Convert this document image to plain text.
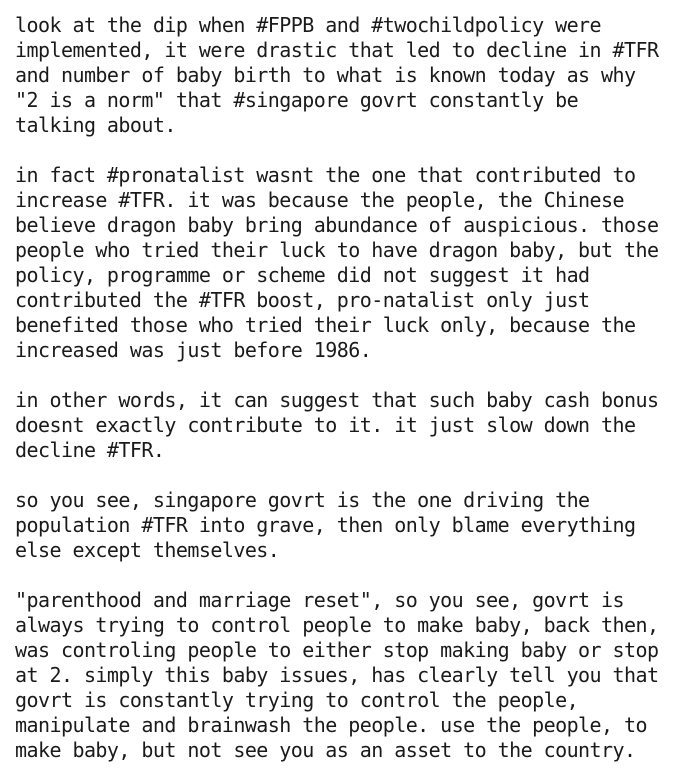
look at the dip when #FPPB and #twochildpolicy were
implemented, it were drastic that led to decline in #TFR
and number of baby birth to what is known today as why
"2 is a norm" that #singapore govrt constantly be
talking about.

in fact #pronatalist wasnt the one that contributed to
increase #TFR. it was because the people, the Chinese
believe dragon baby bring abundance of auspicious. those
people who tried their luck to have dragon baby, but the
policy, programme or scheme did not suggest it had
contributed the #TFR boost, pro-natalist only just
benefited those who tried their luck only, because the
increased was just before 1986.

in other words, it can suggest that such baby cash bonus
doesnt exactly contribute to it. it just slow down the
decline #TFR.

so you see, singapore govrt is the one driving the
population #TFR into grave, then only blame everything
else except themselves.

"parenthood and marriage reset", so you see, govrt is
always trying to control people to make baby, back then,
was controling people to either stop making baby or stop
at 2. simply this baby issues, has clearly tell you that
govrt is constantly trying to control the people,
manipulate and brainwash the people. use the people, to
make baby, but not see you as an asset to the country.
